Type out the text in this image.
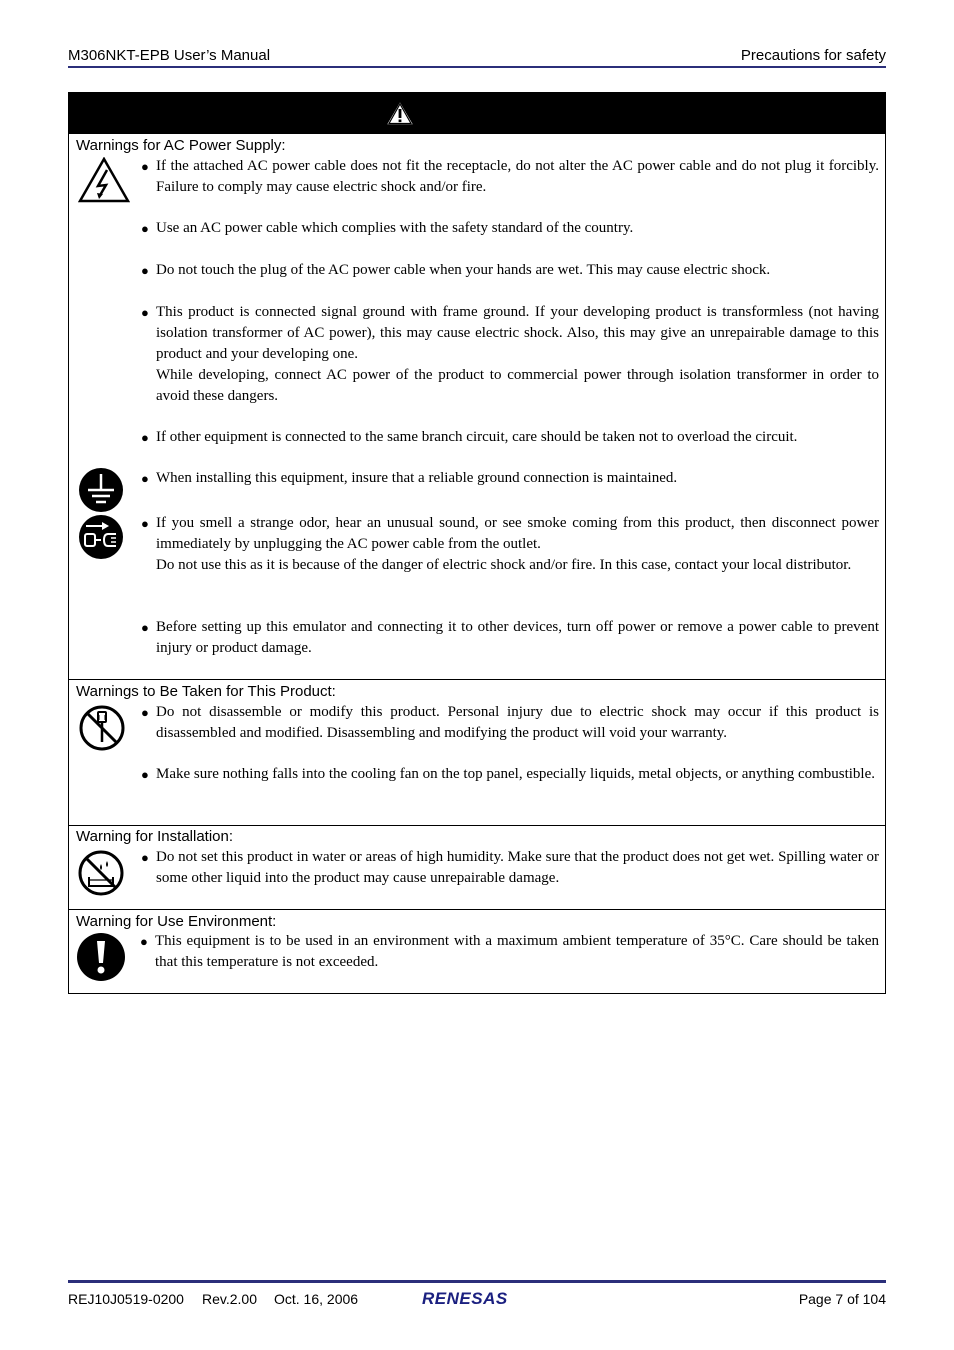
M306NKT-EPB User’s Manual	Precautions for safety
Warnings for AC Power Supply:
● If the attached AC power cable does not fit the receptacle, do not alter the AC power cable and do not plug it forcibly. Failure to comply may cause electric shock and/or fire.

● Use an AC power cable which complies with the safety standard of the country.

● Do not touch the plug of the AC power cable when your hands are wet. This may cause electric shock.

● This product is connected signal ground with frame ground. If your developing product is transformless (not having isolation transformer of AC power), this may cause electric shock. Also, this may give an unrepairable damage to this product and your developing one.

While developing, connect AC power of the product to commercial power through isolation transformer in order to avoid these dangers.

● If other equipment is connected to the same branch circuit, care should be taken not to overload the circuit.

● When installing this equipment, insure that a reliable ground connection is maintained.

● If you smell a strange odor, hear an unusual sound, or see smoke coming from this product, then disconnect power immediately by unplugging the AC power cable from the outlet.

Do not use this as it is because of the danger of electric shock and/or fire. In this case, contact your local distributor.

● Before setting up this emulator and connecting it to other devices, turn off power or remove a power cable to prevent injury or product damage.

Warnings to Be Taken for This Product:
● Do not disassemble or modify this product. Personal injury due to electric shock may occur if this product is disassembled and modified. Disassembling and modifying the product will void your warranty.

● Make sure nothing falls into the cooling fan on the top panel, especially liquids, metal objects, or anything combustible.

Warning for Installation:
● Do not set this product in water or areas of high humidity. Make sure that the product does not get wet. Spilling water or some other liquid into the product may cause unrepairable damage.

Warning for Use Environment:
● This equipment is to be used in an environment with a maximum ambient temperature of 35°C. Care should be taken that this temperature is not exceeded.

REJ10J0519-0200 Rev.2.00 Oct. 16, 2006	RENESAS	Page 7 of 104
